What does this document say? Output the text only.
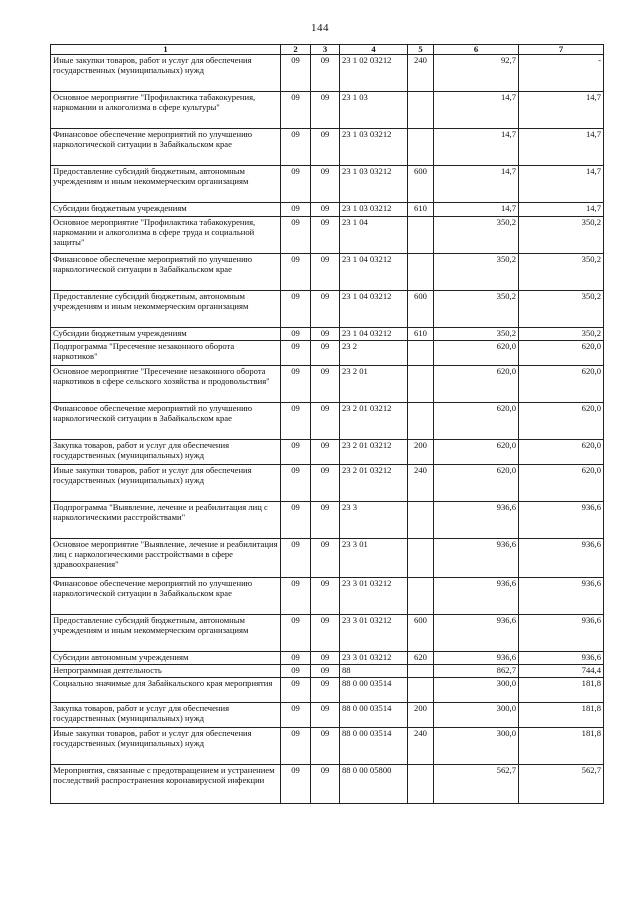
144
1	2	3	4	5	6	7
Иные закупки товаров, работ и услуг для обеспечения государственных (муниципальных) нужд	09	09	23 1 02 03212	240	92,7	-
Основное мероприятие "Профилактика табакокурения, наркомании и алкоголизма в сфере культуры"	09	09	23 1 03		14,7	14,7
Финансовое обеспечение мероприятий по улучшению наркологической ситуации в Забайкальском крае	09	09	23 1 03 03212		14,7	14,7
Предоставление субсидий бюджетным, автономным учреждениям и иным некоммерческим организациям	09	09	23 1 03 03212	600	14,7	14,7
Субсидии бюджетным учреждениям	09	09	23 1 03 03212	610	14,7	14,7
Основное мероприятие "Профилактика табакокурения, наркомании и алкоголизма в сфере труда и социальной защиты"	09	09	23 1 04		350,2	350,2
Финансовое обеспечение мероприятий по улучшению наркологической ситуации в Забайкальском крае	09	09	23 1 04 03212		350,2	350,2
Предоставление субсидий бюджетным, автономным учреждениям и иным некоммерческим организациям	09	09	23 1 04 03212	600	350,2	350,2
Субсидии бюджетным учреждениям	09	09	23 1 04 03212	610	350,2	350,2
Подпрограмма "Пресечение незаконного оборота наркотиков"	09	09	23 2		620,0	620,0
Основное мероприятие "Пресечение незаконного оборота наркотиков в сфере сельского хозяйства и продовольствия"	09	09	23 2 01		620,0	620,0
Финансовое обеспечение мероприятий по улучшению наркологической ситуации в Забайкальском крае	09	09	23 2 01 03212		620,0	620,0
Закупка товаров, работ и услуг для обеспечения государственных (муниципальных) нужд	09	09	23 2 01 03212	200	620,0	620,0
Иные закупки товаров, работ и услуг для обеспечения государственных (муниципальных) нужд	09	09	23 2 01 03212	240	620,0	620,0
Подпрограмма "Выявление, лечение и реабилитация лиц с наркологическими расстройствами"	09	09	23 3		936,6	936,6
Основное мероприятие "Выявление, лечение и реабилитация лиц с наркологическими расстройствами в сфере здравоохранения"	09	09	23 3 01		936,6	936,6
Финансовое обеспечение мероприятий по улучшению наркологической ситуации в Забайкальском крае	09	09	23 3 01 03212		936,6	936,6
Предоставление субсидий бюджетным, автономным учреждениям и иным некоммерческим организациям	09	09	23 3 01 03212	600	936,6	936,6
Субсидии автономным учреждениям	09	09	23 3 01 03212	620	936,6	936,6
Непрограммная деятельность	09	09	88		862,7	744,4
Социально значимые для Забайкальского края мероприятия	09	09	88 0 00 03514		300,0	181,8
Закупка товаров, работ и услуг для обеспечения государственных (муниципальных) нужд	09	09	88 0 00 03514	200	300,0	181,8
Иные закупки товаров, работ и услуг для обеспечения государственных (муниципальных) нужд	09	09	88 0 00 03514	240	300,0	181,8
Мероприятия, связанные с предотвращением и устранением последствий распространения коронавирусной инфекции	09	09	88 0 00 05800		562,7	562,7
